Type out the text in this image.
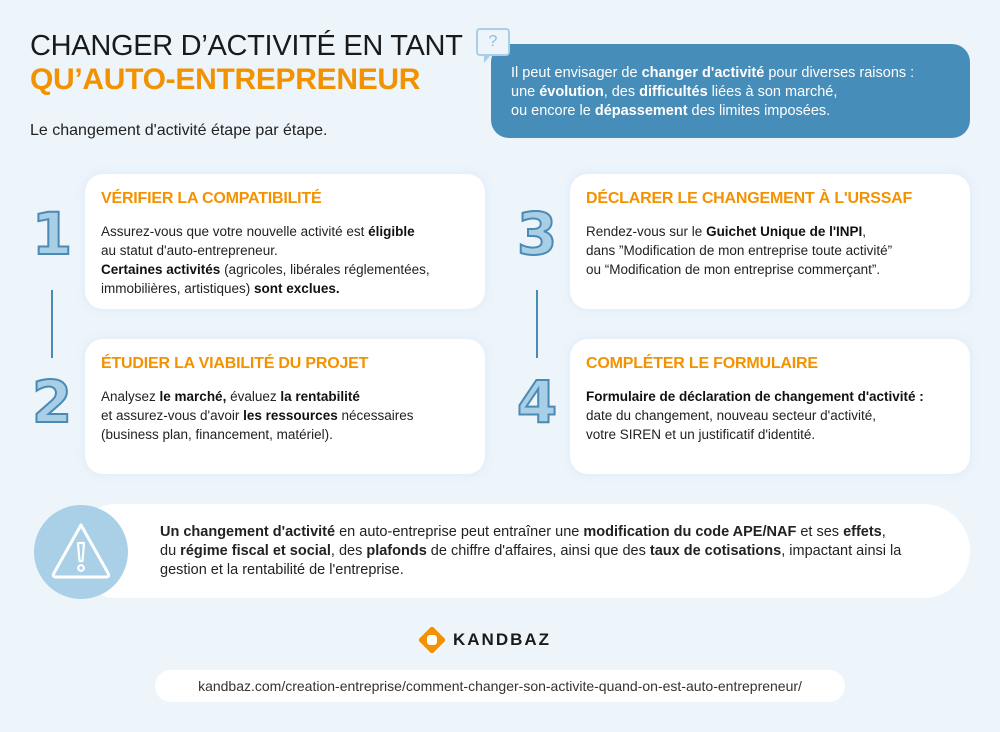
CHANGER D’ACTIVITÉ EN TANT
QU’AUTO-ENTREPRENEUR
Le changement d'activité étape par étape.
?
Il peut envisager de changer d'activité pour diverses raisons :
une évolution, des difficultés liées à son marché,
ou encore le dépassement des limites imposées.
1
2
3
4
VÉRIFIER LA COMPATIBILITÉ

Assurez-vous que votre nouvelle activité est éligible
au statut d'auto-entrepreneur.
Certaines activités (agricoles, libérales réglementées,
immobilières, artistiques) sont exclues.

ÉTUDIER LA VIABILITÉ DU PROJET

Analysez le marché, évaluez la rentabilité
et assurez-vous d'avoir les ressources nécessaires
(business plan, financement, matériel).

DÉCLARER LE CHANGEMENT À L'URSSAF

Rendez-vous sur le Guichet Unique de l'INPI,
dans ”Modification de mon entreprise toute activité”
ou “Modification de mon entreprise commerçant”.

COMPLÉTER LE FORMULAIRE

Formulaire de déclaration de changement d'activité :
date du changement, nouveau secteur d'activité,
votre SIREN et un justificatif d'identité.

Un changement d'activité en auto-entreprise peut entraîner une modification du code APE/NAF et ses effets,
du régime fiscal et social, des plafonds de chiffre d'affaires, ainsi que des taux de cotisations, impactant ainsi la
gestion et la rentabilité de l'entreprise.
KANDBAZ
kandbaz.com/creation-entreprise/comment-changer-son-activite-quand-on-est-auto-entrepreneur/
